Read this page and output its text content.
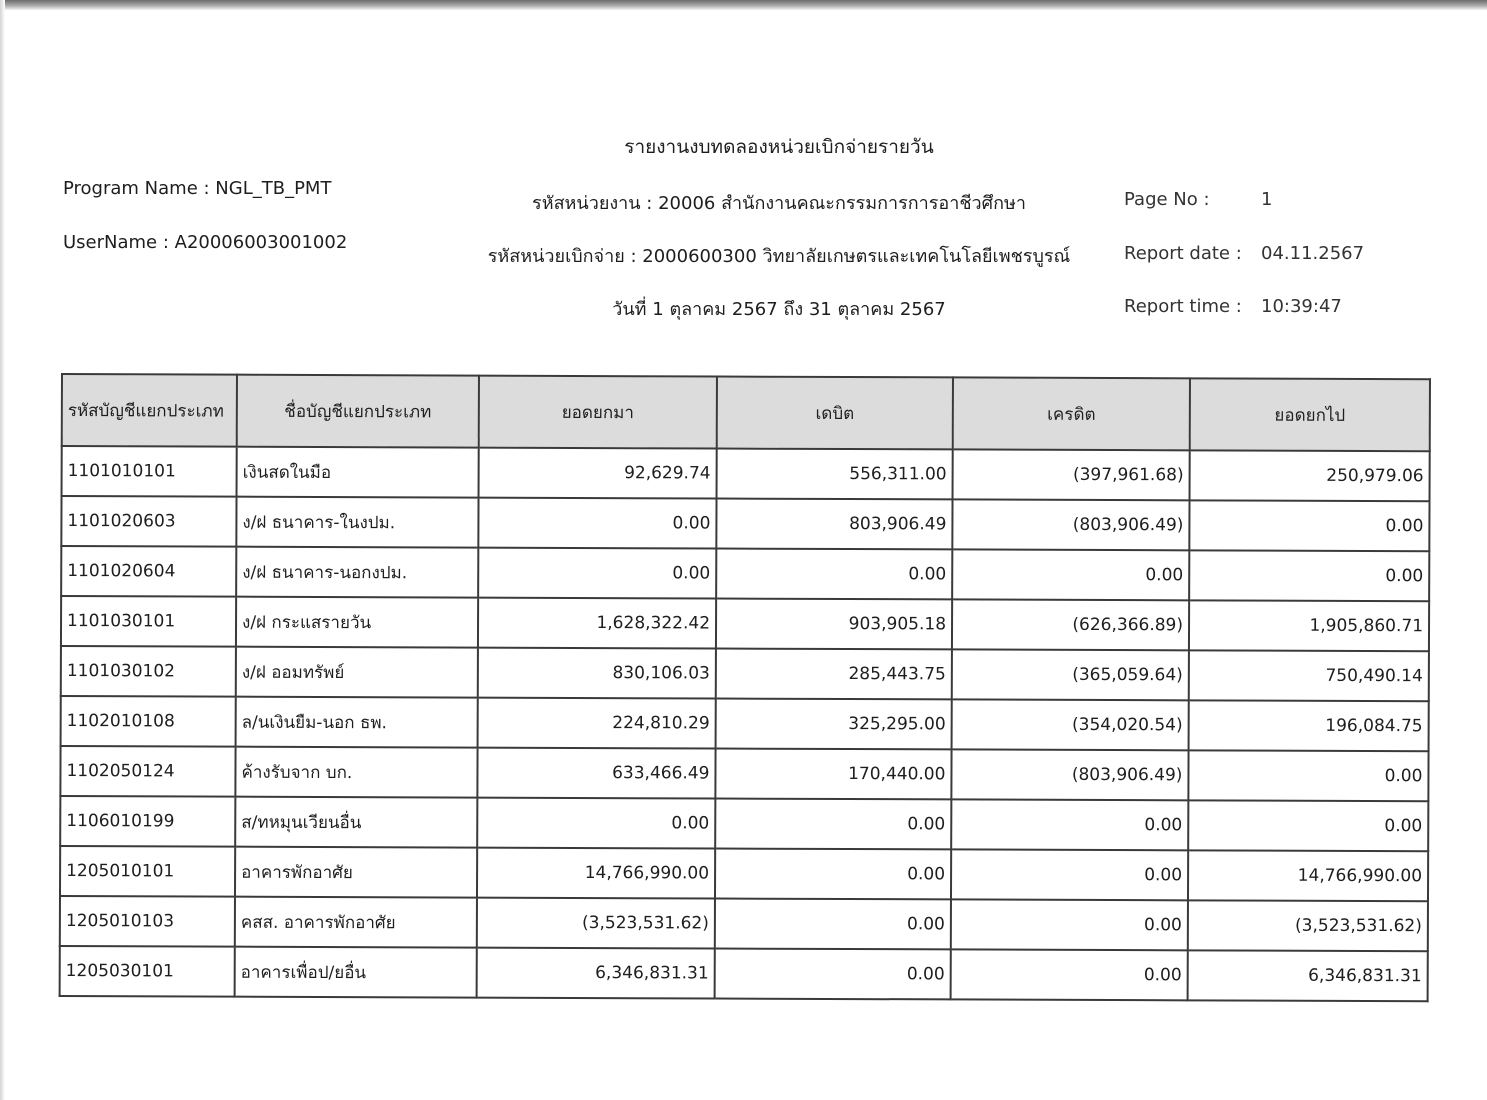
รายงานงบทดลองหน่วยเบิกจ่ายรายวัน
รหัสหน่วยงาน : 20006 สำนักงานคณะกรรมการการอาชีวศึกษา
รหัสหน่วยเบิกจ่าย : 2000600300 วิทยาลัยเกษตรและเทคโนโลยีเพชรบูรณ์
วันที่ 1 ตุลาคม 2567 ถึง 31 ตุลาคม 2567
Program Name : NGL_TB_PMT
UserName : A20006003001002
Page No :	1
Report date : 04.11.2567
Report time : 10:39:47
รหัสบัญชีแยกประเภท	ชื่อบัญชีแยกประเภท	ยอดยกมา	เดบิต	เครดิต	ยอดยกไป
1101010101	เงินสดในมือ	92,629.74	556,311.00	(397,961.68)	250,979.06
1101020603	ง/ฝ ธนาคาร-ในงปม.	0.00	803,906.49	(803,906.49)	0.00
1101020604	ง/ฝ ธนาคาร-นอกงปม.	0.00	0.00	0.00	0.00
1101030101	ง/ฝ กระแสรายวัน	1,628,322.42	903,905.18	(626,366.89)	1,905,860.71
1101030102	ง/ฝ ออมทรัพย์	830,106.03	285,443.75	(365,059.64)	750,490.14
1102010108	ล/นเงินยืม-นอก ธพ.	224,810.29	325,295.00	(354,020.54)	196,084.75
1102050124	ค้างรับจาก บก.	633,466.49	170,440.00	(803,906.49)	0.00
1106010199	ส/ทหมุนเวียนอื่น	0.00	0.00	0.00	0.00
1205010101	อาคารพักอาศัย	14,766,990.00	0.00	0.00	14,766,990.00
1205010103	คสส. อาคารพักอาศัย	(3,523,531.62)	0.00	0.00	(3,523,531.62)
1205030101	อาคารเพื่อป/ยอื่น	6,346,831.31	0.00	0.00	6,346,831.31
